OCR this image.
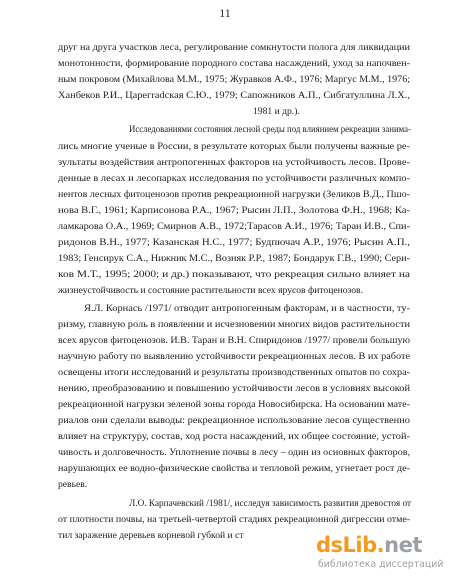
11
друг на друга участков леса, регулирование сомкнутости полога для ликвидации
монотонности, формирование породного состава насаждений, уход за напочвен-
ным покровом (Михайлова М.М., 1975; Журавков А.Ф., 1976; Маргус М.М., 1976;
Ханбеков Р.И., Царегradская С.Ю., 1979; Сапожников А.П., Сибгатуллина Л.Х.,
1981 и др.).
Исследованиями состояния лесной среды под влиянием рекреации занима-
лись многие ученые в России, в результате которых были получены важные ре-
зультаты воздействия антропогенных факторов на устойчивость лесов. Прове-
денные в лесах и лесопарках исследования по устойчивости различных компо-
нентов лесных фитоценозов против рекреационной нагрузки (Зеликов В.Д., Пшо-
нова В.Г., 1961; Карписонова Р.А., 1967; Рысин Л.П., Золотова Ф.Н., 1968; Ка-
ламкарова О.А., 1969; Смирнов А.В., 1972;Тарасов А.И., 1976; Таран И.В., Спи-
ридонов В.Н., 1977; Казанская Н.С., 1977; Будпючач А.Р., 1976; Рысин А.П.,
1983; Генсирук С.А., Нижник М.С., Возняк Р.Р., 1987; Бондарук Г.В., 1990; Сери-
ков М.Т., 1995; 2000; и др.) показывают, что рекреация сильно влияет на
жизнеустойчивость и состояние растительности всех ярусов фитоценозов.
Я.Л. Корнась /1971/ отводит антропогенным факторам, и в частности, ту-
ризму, главную роль в появлении и исчезновении многих видов растительности
всех ярусов фитоценозов. И.В. Таран и В.Н. Спиридонов /1977/ провели большую
научную работу по выявлению устойчивости рекреационных лесов. В их работе
освещены итоги исследований и результаты производственных опытов по сохра-
нению, преобразованию и повышению устойчивости лесов в условиях высокой
рекреационной нагрузки зеленой зоны города Новосибирска. На основании мате-
риалов они сделали выводы: рекреационное использование лесов существенно
влияет на структуру, состав, ход роста насаждений, их общее состояние, устой-
чивость и долговечность. Уплотнение почвы в лесу – один из основных факторов,
нарушающих ее водно-физические свойства и тепловой режим, угнетает рост де-
ревьев.
Л.О. Карпачевский /1981/, исследуя зависимость развития древостоя от
от плотности почвы, на третьей-четвертой стадиях рекреационной дигрессии отме-
тил заражение деревьев корневой губкой и ст	dsLib.net
библиотека диссертаций
